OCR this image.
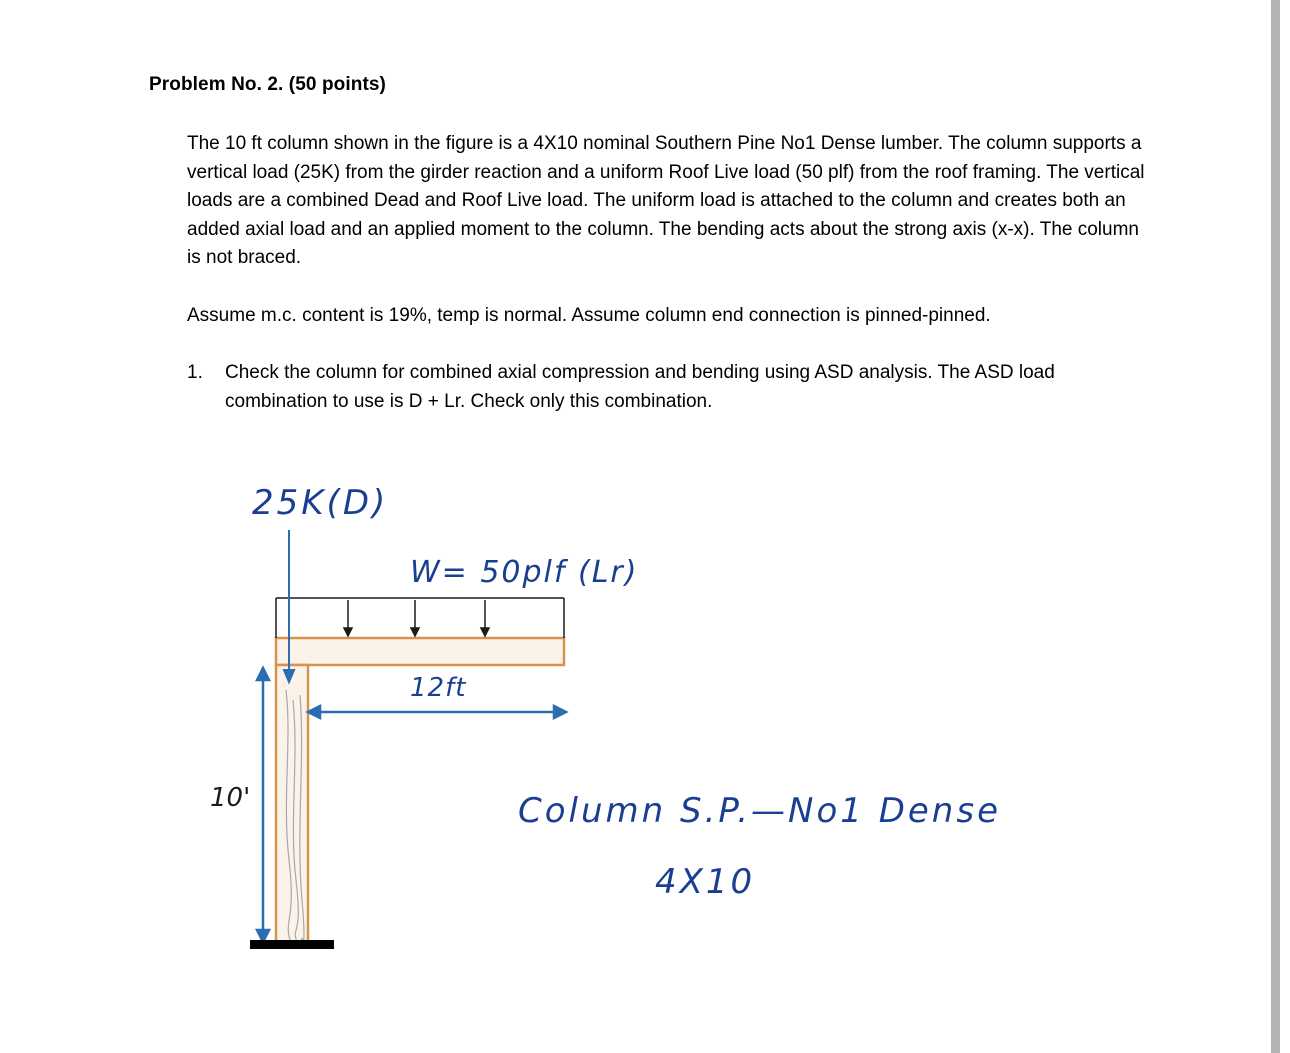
Problem No. 2. (50 points)

The 10 ft column shown in the figure is a 4X10 nominal Southern Pine No1 Dense lumber. The column supports a vertical load (25K) from the girder reaction and a uniform Roof Live load (50 plf) from the roof framing. The vertical loads are a combined Dead and Roof Live load. The uniform load is attached to the column and creates both an added axial load and an applied moment to the column. The bending acts about the strong axis (x-x). The column is not braced.

Assume m.c. content is 19%, temp is normal. Assume column end connection is pinned-pinned.

1. Check the column for combined axial compression and bending using ASD analysis. The ASD load combination to use is D + Lr. Check only this combination.
25K(D)
W= 50plf (Lr)
12ft
10'	Column S.P.—No1 Dense
4X10
